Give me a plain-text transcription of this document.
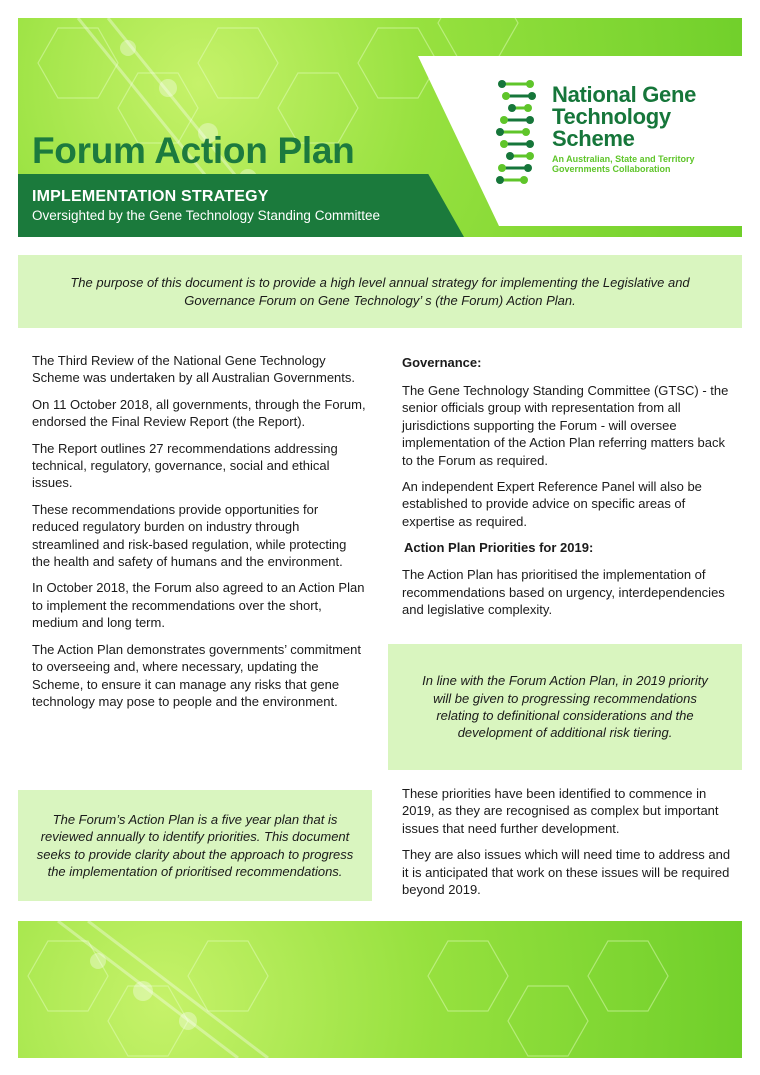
National Gene
Technology
Scheme
An Australian, State and Territory
Governments Collaboration
Forum Action Plan
IMPLEMENTATION STRATEGY
Oversighted by the Gene Technology Standing Committee
The purpose of this document is to provide a high level annual strategy for implementing the Legislative and Governance Forum on Gene Technology’ s (the Forum) Action Plan.

The Third Review of the National Gene Technology Scheme was undertaken by all Australian Governments.

On 11 October 2018, all governments, through the Forum, endorsed the Final Review Report (the Report).

The Report outlines 27 recommendations addressing technical, regulatory, governance, social and ethical issues.

These recommendations provide opportunities for reduced regulatory burden on industry through streamlined and risk-based regulation, while protecting the health and safety of humans and the environment.

In October 2018, the Forum also agreed to an Action Plan to implement the recommendations over the short, medium and long term.

The Action Plan demonstrates governments’ commitment to overseeing and, where necessary, updating the Scheme, to ensure it can manage any risks that gene technology may pose to people and the environment.

The Forum’s Action Plan is a five year plan that is reviewed annually to identify priorities. This document seeks to provide clarity about the approach to progress the implementation of prioritised recommendations.
Governance:

The Gene Technology Standing Committee (GTSC) - the senior officials group with representation from all jurisdictions supporting the Forum - will oversee implementation of the Action Plan referring matters back to the Forum as required.

An independent Expert Reference Panel will also be established to provide advice on specific areas of expertise as required.

Action Plan Priorities for 2019:

The Action Plan has prioritised the implementation of recommendations based on urgency, interdependencies and legislative complexity.

In line with the Forum Action Plan, in 2019 priority will be given to progressing recommendations relating to definitional considerations and the development of additional risk tiering.

These priorities have been identified to commence in 2019, as they are recognised as complex but important issues that need further development.

They are also issues which will need time to address and it is anticipated that work on these issues will be required beyond 2019.
